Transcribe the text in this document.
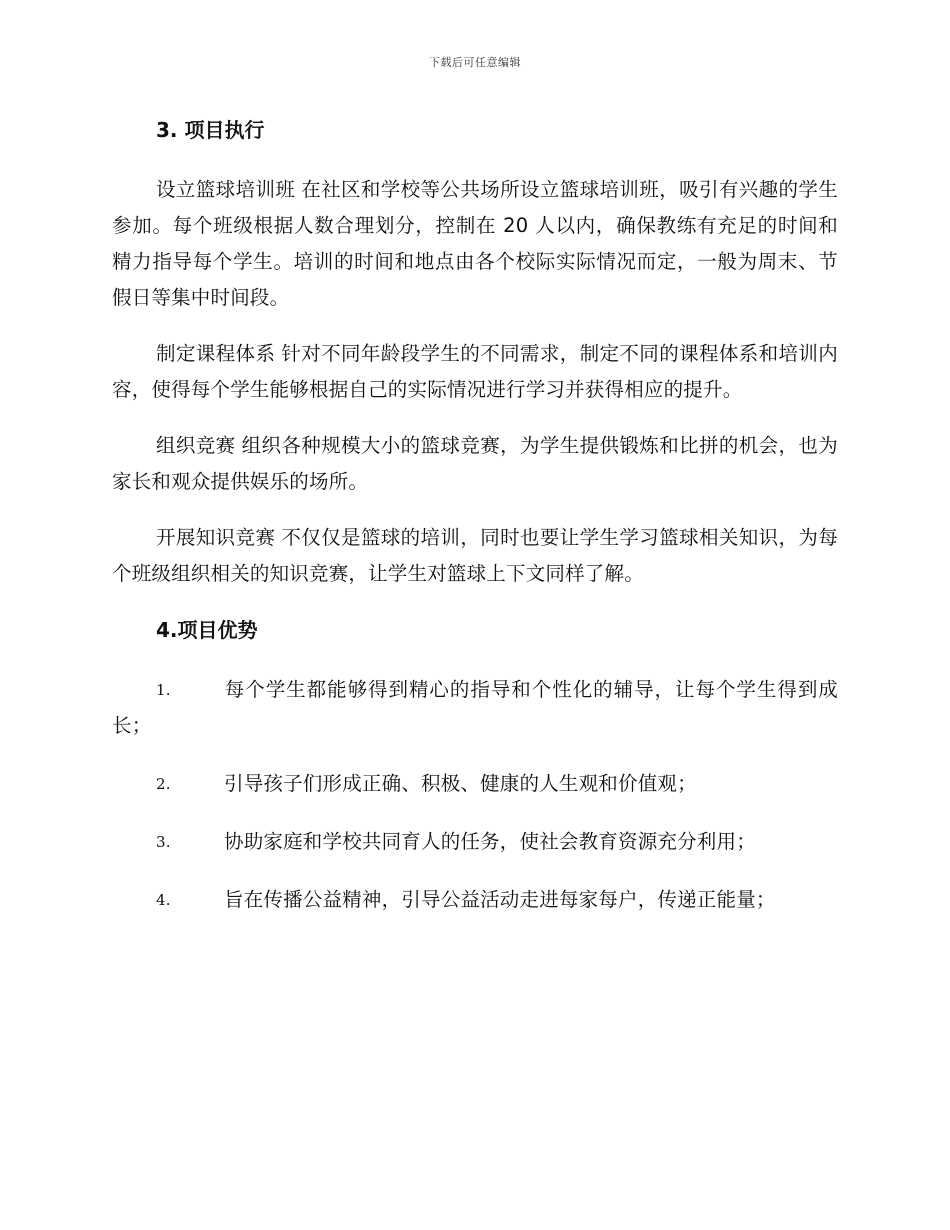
下载后可任意编辑
3. 项目执行

设立篮球培训班 在社区和学校等公共场所设立篮球培训班，吸引有兴趣的学生参加。每个班级根据人数合理划分，控制在 20 人以内，确保教练有充足的时间和精力指导每个学生。培训的时间和地点由各个校际实际情况而定，一般为周末、节假日等集中时间段。

制定课程体系 针对不同年龄段学生的不同需求，制定不同的课程体系和培训内容，使得每个学生能够根据自己的实际情况进行学习并获得相应的提升。

组织竞赛 组织各种规模大小的篮球竞赛，为学生提供锻炼和比拼的机会，也为家长和观众提供娱乐的场所。

开展知识竞赛 不仅仅是篮球的培训，同时也要让学生学习篮球相关知识，为每个班级组织相关的知识竞赛，让学生对篮球上下文同样了解。

4.项目优势
1.	每个学生都能够得到精心的指导和个性化的辅导，让每个学生得到成长；
2.	引导孩子们形成正确、积极、健康的人生观和价值观；
3.	协助家庭和学校共同育人的任务，使社会教育资源充分利用；
4.	旨在传播公益精神，引导公益活动走进每家每户，传递正能量；
